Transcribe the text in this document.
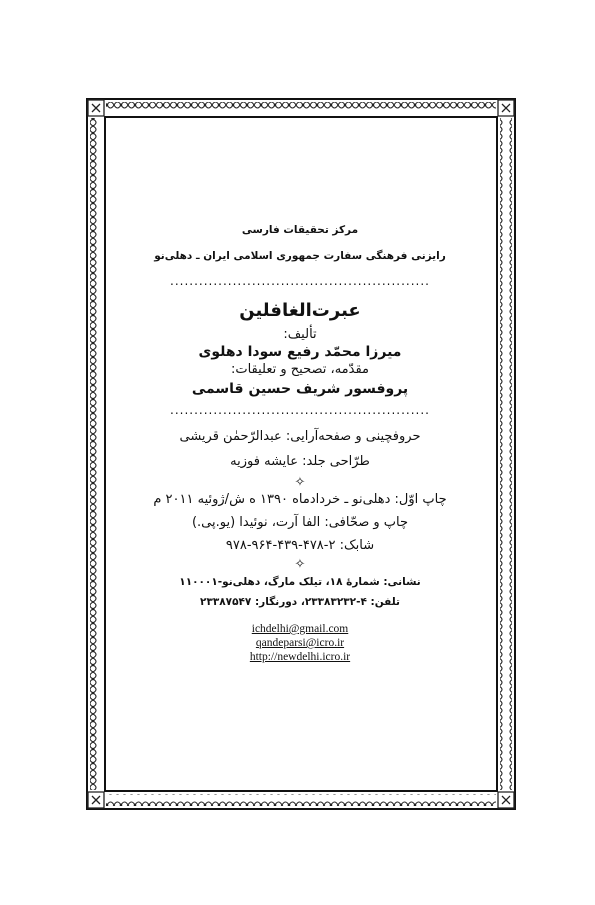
مرکز تحقیقات فارسی
رایزنی فرهنگی سفارت جمهوری اسلامی ایران ـ دهلی‌نو
......................................................
عبرت‌الغافلین
تألیف:
میرزا محمّد رفیع سودا دهلوی
مقدّمه، تصحیح و تعلیقات:
پروفسور شریف حسین قاسمی
......................................................
حروفچینی و صفحه‌آرایی: عبدالرّحمٰن قریشی
طرّاحی جلد: عایشه فوزیه
✧
چاپ اوّل: دهلی‌نو ـ خردادماه ۱۳۹۰ ه ش/ژوئیه ۲۰۱۱ م
چاپ و صحّافی: الفا آرت، نوئیدا (یو.پی.)
شابک: ۲-۴۷۸-۴۳۹-۹۶۴-۹۷۸
✧
نشانی: شمارهٔ ۱۸، تیلک مارگ، دهلی‌نو-۱۱۰۰۰۱
تلفن: ۴-۲۳۳۸۳۲۳۲، دورنگار: ۲۳۳۸۷۵۴۷
ichdelhi@gmail.com
qandeparsi@icro.ir
http://newdelhi.icro.ir
